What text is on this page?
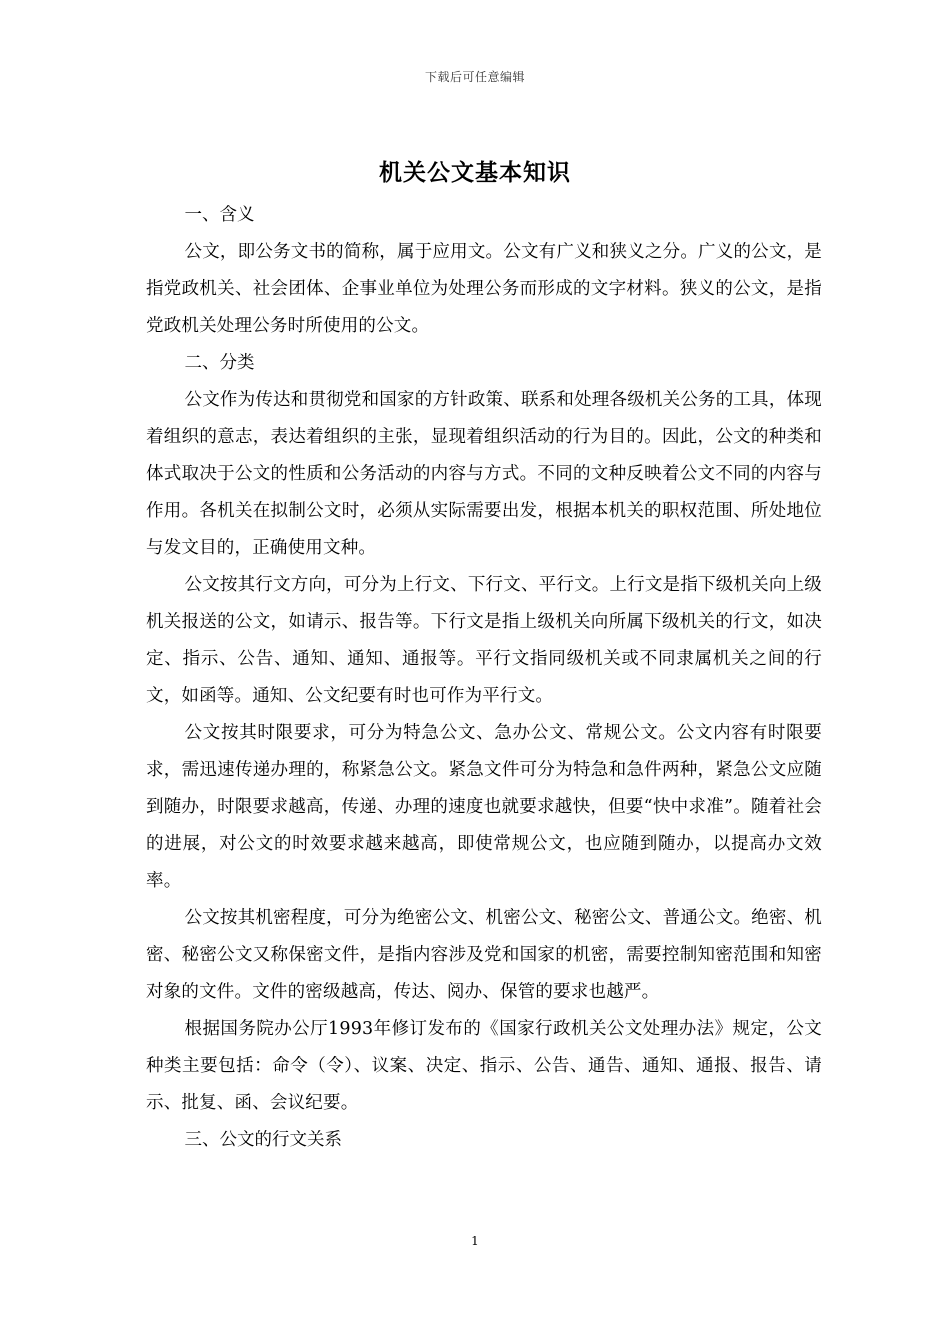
下载后可任意编辑
机关公文基本知识

一、含义

公文，即公务文书的简称，属于应用文。公文有广义和狭义之分。广义的公文，是指党政机关、社会团体、企事业单位为处理公务而形成的文字材料。狭义的公文，是指党政机关处理公务时所使用的公文。

二、分类

公文作为传达和贯彻党和国家的方针政策、联系和处理各级机关公务的工具，体现着组织的意志，表达着组织的主张，显现着组织活动的行为目的。因此，公文的种类和体式取决于公文的性质和公务活动的内容与方式。不同的文种反映着公文不同的内容与作用。各机关在拟制公文时，必须从实际需要出发，根据本机关的职权范围、所处地位与发文目的，正确使用文种。

公文按其行文方向，可分为上行文、下行文、平行文。上行文是指下级机关向上级机关报送的公文，如请示、报告等。下行文是指上级机关向所属下级机关的行文，如决定、指示、公告、通知、通知、通报等。平行文指同级机关或不同隶属机关之间的行文，如函等。通知、公文纪要有时也可作为平行文。

公文按其时限要求，可分为特急公文、急办公文、常规公文。公文内容有时限要求，需迅速传递办理的，称紧急公文。紧急文件可分为特急和急件两种，紧急公文应随到随办，时限要求越高，传递、办理的速度也就要求越快，但要“快中求准”。随着社会的进展，对公文的时效要求越来越高，即使常规公文，也应随到随办，以提高办文效率。

公文按其机密程度，可分为绝密公文、机密公文、秘密公文、普通公文。绝密、机密、秘密公文又称保密文件，是指内容涉及党和国家的机密，需要控制知密范围和知密对象的文件。文件的密级越高，传达、阅办、保管的要求也越严。

根据国务院办公厅1993年修订发布的《国家行政机关公文处理办法》规定，公文种类主要包括：命令（令）、议案、决定、指示、公告、通告、通知、通报、报告、请示、批复、函、会议纪要。

三、公文的行文关系

1
